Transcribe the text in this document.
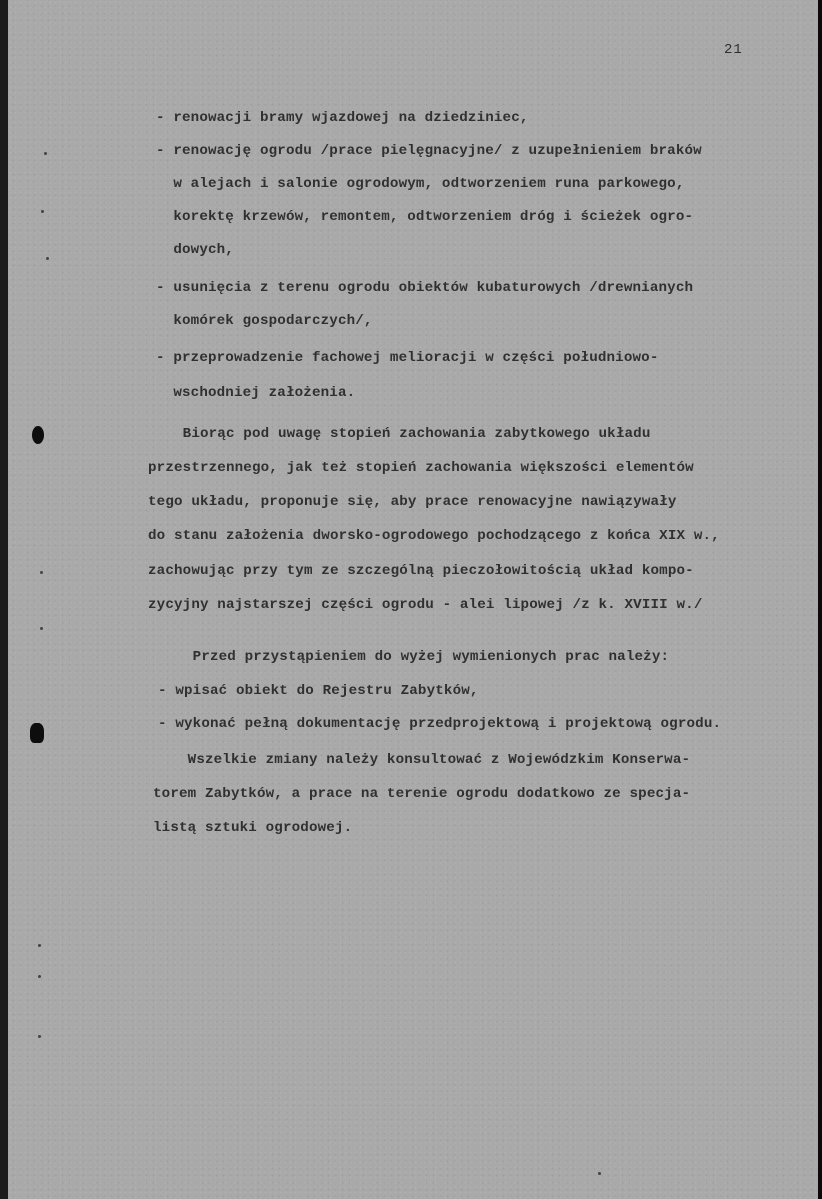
21
- renowacji bramy wjazdowej na dziedziniec,
- renowację ogrodu /prace pielęgnacyjne/ z uzupełnieniem braków
w alejach i salonie ogrodowym, odtworzeniem runa parkowego,
korektę krzewów, remontem, odtworzeniem dróg i ścieżek ogro-
dowych,
- usunięcia z terenu ogrodu obiektów kubaturowych /drewnianych
komórek gospodarczych/,
- przeprowadzenie fachowej melioracji w części południowo-
wschodniej założenia.
Biorąc pod uwagę stopień zachowania zabytkowego układu
przestrzennego, jak też stopień zachowania większości elementów
tego układu, proponuje się, aby prace renowacyjne nawiązywały
do stanu założenia dworsko-ogrodowego pochodzącego z końca XIX w.,
zachowując przy tym ze szczególną pieczołowitością układ kompo-
zycyjny najstarszej części ogrodu - alei lipowej /z k. XVIII w./
Przed przystąpieniem do wyżej wymienionych prac należy:
- wpisać obiekt do Rejestru Zabytków,
- wykonać pełną dokumentację przedprojektową i projektową ogrodu.
Wszelkie zmiany należy konsultować z Wojewódzkim Konserwa-
torem Zabytków, a prace na terenie ogrodu dodatkowo ze specja-
listą sztuki ogrodowej.
